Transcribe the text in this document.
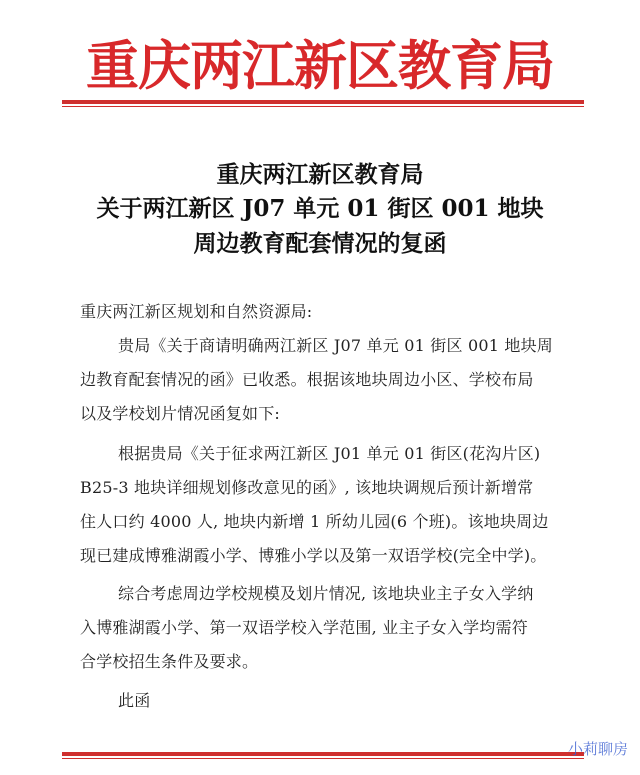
重庆两江新区教育局
重庆两江新区教育局
关于两江新区 J07 单元 01 街区 001 地块
周边教育配套情况的复函
重庆两江新区规划和自然资源局:
贵局《关于商请明确两江新区 J07 单元 01 街区 001 地块周
边教育配套情况的函》已收悉。根据该地块周边小区、学校布局
以及学校划片情况函复如下:
根据贵局《关于征求两江新区 J01 单元 01 街区(花沟片区)
B25-3 地块详细规划修改意见的函》, 该地块调规后预计新增常
住人口约 4000 人, 地块内新增 1 所幼儿园(6 个班)。该地块周边
现已建成博雅湖霞小学、博雅小学以及第一双语学校(完全中学)。
综合考虑周边学校规模及划片情况, 该地块业主子女入学纳
入博雅湖霞小学、第一双语学校入学范围, 业主子女入学均需符
合学校招生条件及要求。
此函
小莉聊房
